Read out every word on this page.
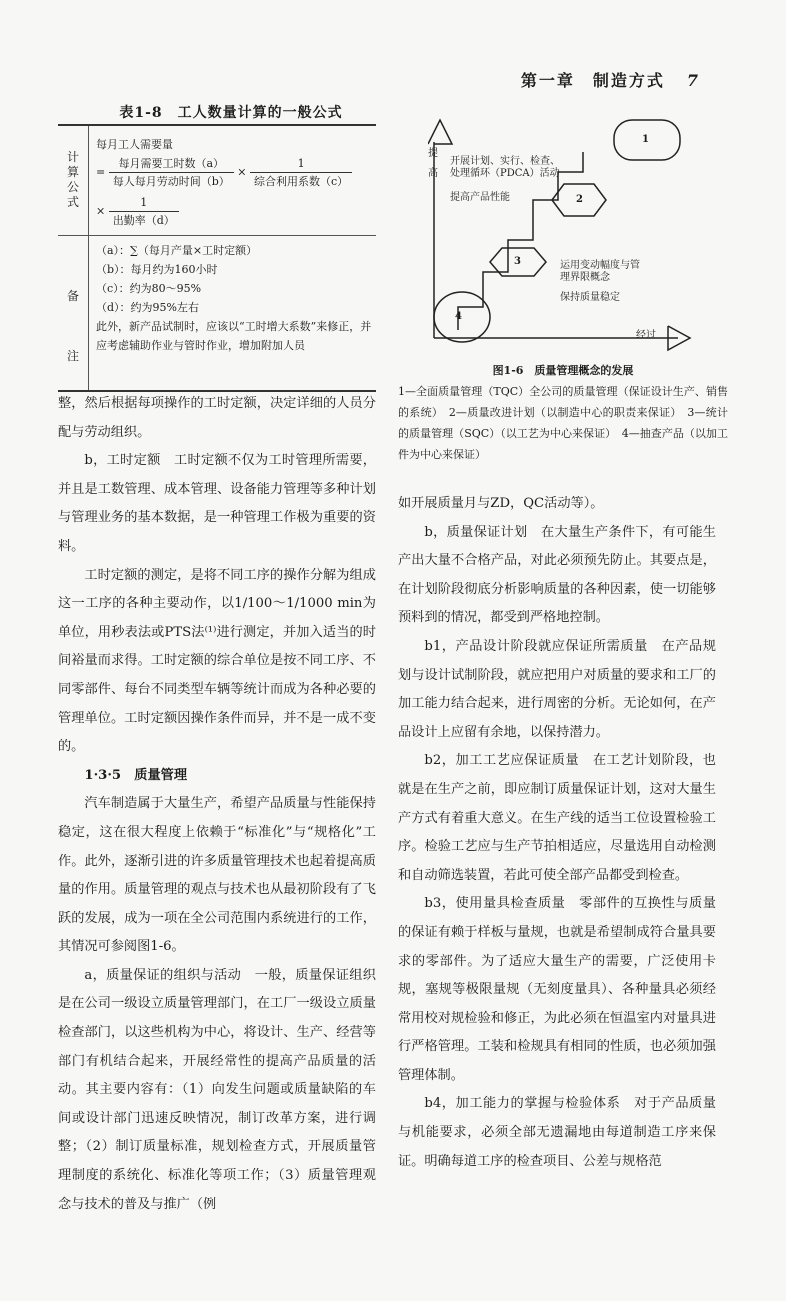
第一章　制造方式 7
表1-8　工人数量计算的一般公式
计
算
公
式
每月工人需要量
= $\frac{\text{每月需要工时数（a）}}{\text{每人每月劳动时间（b）}} \times \frac{1}{\text{综合利用系数（c）}}$
× $\frac{1}{\text{出勤率（d）}}$
备
注
（a）：∑（每月产量×工时定额）
（b）：每月约为160小时
（c）：约为80～95%
（d）：约为95%左右
此外，新产品试制时，应该以“工时增大系数”来修正，并应考虑辅助作业与管时作业，增加附加人员
提
高
经过
1
2
3
4
开展计划、实行、检查、处理循环（PDCA）活动
提高产品性能
运用变动幅度与管理界限概念
保持质量稳定
图1-6　质量管理概念的发展
1—全面质量管理（TQC）全公司的质量管理（保证设计生产、销售的系统）　2—质量改进计划（以制造中心的职责来保证）　3—统计的质量管理（SQC）（以工艺为中心来保证）　4—抽查产品（以加工件为中心来保证）

整，然后根据每项操作的工时定额，决定详细的人员分配与劳动组织。

b，工时定额　工时定额不仅为工时管理所需要，并且是工数管理、成本管理、设备能力管理等多种计划与管理业务的基本数据，是一种管理工作极为重要的资料。

工时定额的测定，是将不同工序的操作分解为组成这一工序的各种主要动作，以1/100～1/1000 min为单位，用秒表法或PTS法⁽¹⁾进行测定，并加入适当的时间裕量而求得。工时定额的综合单位是按不同工序、不同零部件、每台不同类型车辆等统计而成为各种必要的管理单位。工时定额因操作条件而异，并不是一成不变的。

1·3·5　质量管理

汽车制造属于大量生产，希望产品质量与性能保持稳定，这在很大程度上依赖于“标准化”与“规格化”工作。此外，逐渐引进的许多质量管理技术也起着提高质量的作用。质量管理的观点与技术也从最初阶段有了飞跃的发展，成为一项在全公司范围内系统进行的工作，其情况可参阅图1-6。

a，质量保证的组织与活动　一般，质量保证组织是在公司一级设立质量管理部门，在工厂一级设立质量检查部门，以这些机构为中心，将设计、生产、经营等部门有机结合起来，开展经常性的提高产品质量的活动。其主要内容有：（1）向发生问题或质量缺陷的车间或设计部门迅速反映情况，制订改革方案，进行调整；（2）制订质量标准，规划检查方式，开展质量管理制度的系统化、标准化等项工作；（3）质量管理观念与技术的普及与推广（例

如开展质量月与ZD，QC活动等）。

b，质量保证计划　在大量生产条件下，有可能生产出大量不合格产品，对此必须预先防止。其要点是，在计划阶段彻底分析影响质量的各种因素，使一切能够预料到的情况，都受到严格地控制。

b1，产品设计阶段就应保证所需质量　在产品规划与设计试制阶段，就应把用户对质量的要求和工厂的加工能力结合起来，进行周密的分析。无论如何，在产品设计上应留有余地，以保持潜力。

b2，加工工艺应保证质量　在工艺计划阶段，也就是在生产之前，即应制订质量保证计划，这对大量生产方式有着重大意义。在生产线的适当工位设置检验工序。检验工艺应与生产节拍相适应，尽量选用自动检测和自动筛选装置，若此可使全部产品都受到检查。

b3，使用量具检查质量　零部件的互换性与质量的保证有赖于样板与量规，也就是希望制成符合量具要求的零部件。为了适应大量生产的需要，广泛使用卡规，塞规等极限量规（无刻度量具）、各种量具必须经常用校对规检验和修正，为此必须在恒温室内对量具进行严格管理。工装和检规具有相同的性质，也必须加强管理体制。

b4，加工能力的掌握与检验体系　对于产品质量与机能要求，必须全部无遗漏地由每道制造工序来保证。明确每道工序的检查项目、公差与规格范
